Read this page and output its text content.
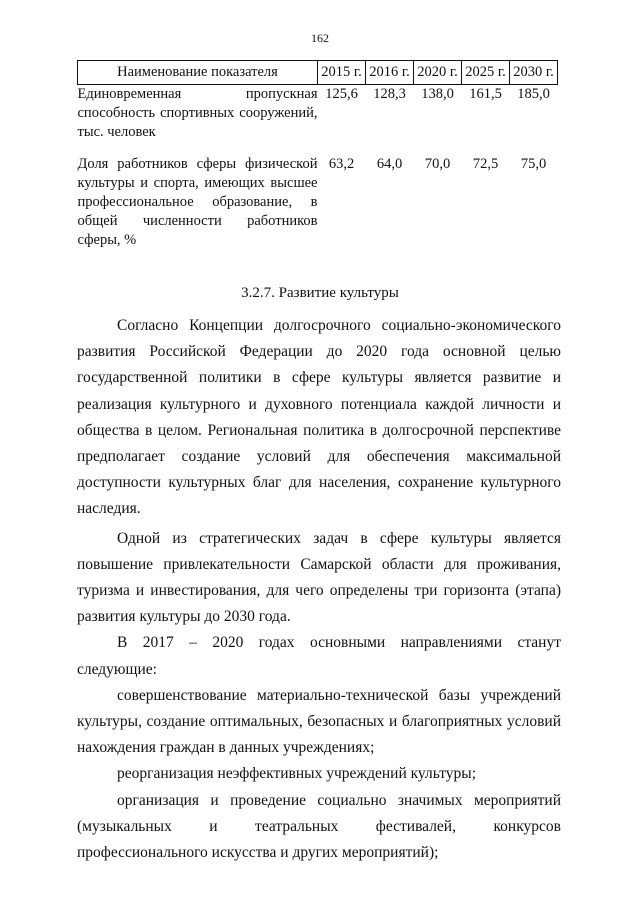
162
Наименование показателя	2015 г.	2016 г.	2020 г.	2025 г.	2030 г.
Единовременная пропускная способность спортивных сооружений, тыс. человек	125,6	128,3	138,0	161,5	185,0
Доля работников сферы физической культуры и спорта, имеющих высшее профессиональное образование, в общей численности работников сферы, %	63,2	64,0	70,0	72,5	75,0
3.2.7. Развитие культуры

Согласно Концепции долгосрочного социально-экономического развития Российской Федерации до 2020 года основной целью государственной политики в сфере культуры является развитие и реализация культурного и духовного потенциала каждой личности и общества в целом. Региональная политика в долгосрочной перспективе предполагает создание условий для обеспечения максимальной доступности культурных благ для населения, сохранение культурного наследия.

Одной из стратегических задач в сфере культуры является повышение привлекательности Самарской области для проживания, туризма и инвестирования, для чего определены три горизонта (этапа) развития культуры до 2030 года.

В 2017 – 2020 годах основными направлениями станут следующие:

совершенствование материально-технической базы учреждений культуры, создание оптимальных, безопасных и благоприятных условий нахождения граждан в данных учреждениях;

реорганизация неэффективных учреждений культуры;

организация и проведение социально значимых мероприятий (музыкальных и театральных фестивалей, конкурсов профессионального искусства и других мероприятий);
